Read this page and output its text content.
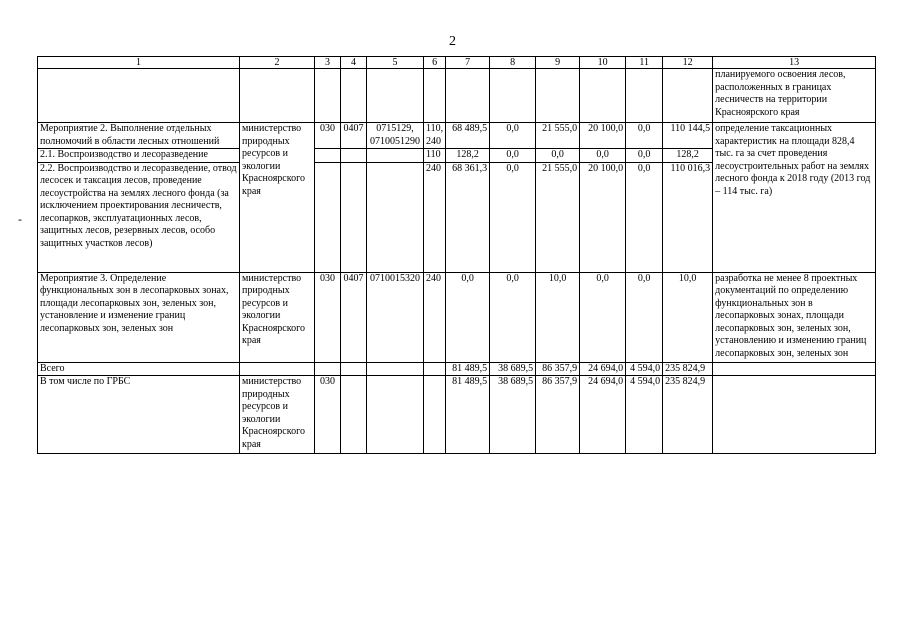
2
-
1	2	3	4	5	6	7	8	9	10	11	12	13
												планируемого освоения лесов, расположенных в границах лесничеств на территории Красноярского края
Мероприятие 2. Выполнение отдельных полномочий в области лесных отношений	министерство природных ресурсов и экологии Красноярского края	030	0407	0715129, 0710051290	110, 240	68 489,5	0,0	21 555,0	20 100,0	0,0	110 144,5	определение таксационных характеристик на площади 828,4 тыс. га за счет проведения лесоустроительных работ на землях лесного фонда к 2018 году (2013 год – 114 тыс. га)
2.1. Воспроизводство и лесоразведение					110	128,2	0,0	0,0	0,0	0,0	128,2	
2.2. Воспроизводство и лесоразведение, отвод лесосек и таксация лесов, проведение лесоустройства на землях лесного фонда (за исключением проектирования лесничеств, лесопарков, эксплуатационных лесов, защитных лесов, резервных лесов, особо защитных участков лесов)					240	68 361,3	0,0	21 555,0	20 100,0	0,0	110 016,3	
Мероприятие 3. Определение функциональных зон в лесопарковых зонах, площади лесопарковых зон, зеленых зон, установление и изменение границ лесопарковых зон, зеленых зон	министерство природных ресурсов и экологии Красноярского края	030	0407	0710015320	240	0,0	0,0	10,0	0,0	0,0	10,0	разработка не менее 8 проектных документаций по определению функциональных зон в лесопарковых зонах, площади лесопарковых зон, зеленых зон, установлению и изменению границ лесопарковых зон, зеленых зон
Всего						81 489,5	38 689,5	86 357,9	24 694,0	4 594,0	235 824,9	
В том числе по ГРБС	министерство природных ресурсов и экологии Красноярского края	030				81 489,5	38 689,5	86 357,9	24 694,0	4 594,0	235 824,9	
